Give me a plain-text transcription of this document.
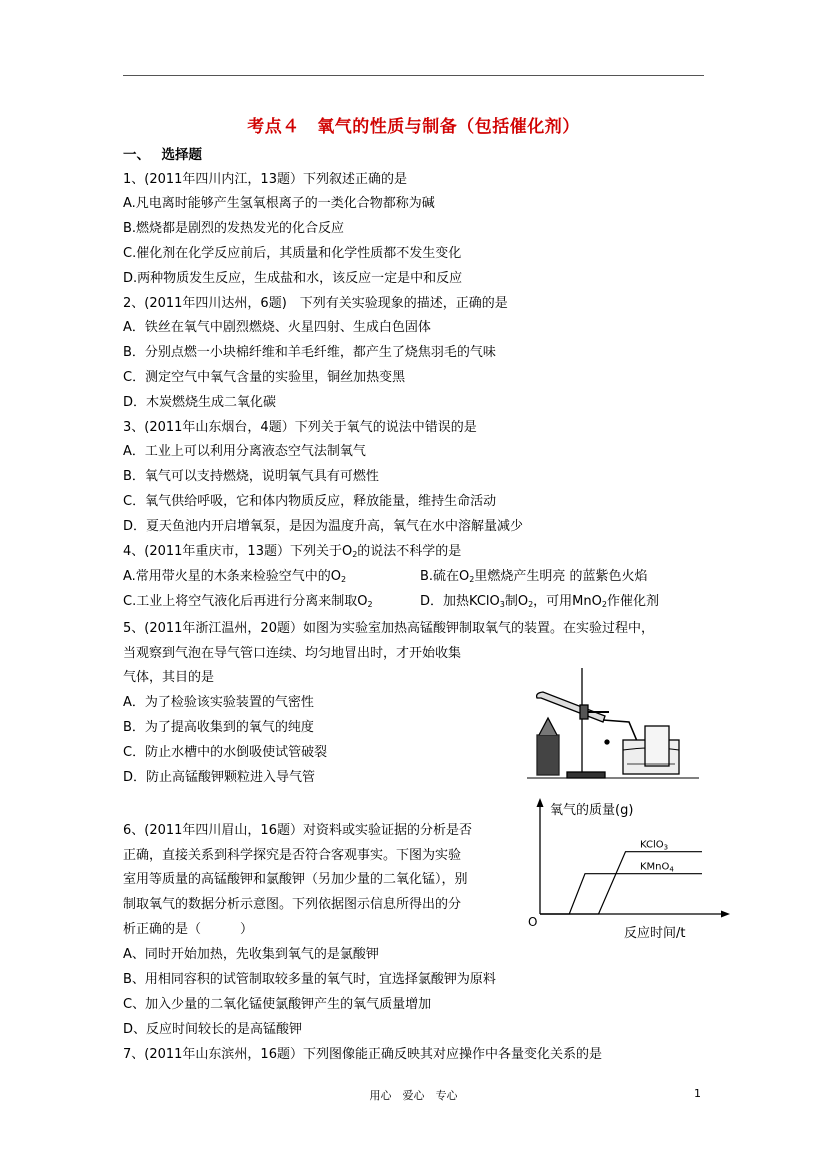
考点４　氧气的性质与制备（包括催化剂）
一、　 选择题
1、(2011年四川内江，13题）下列叙述正确的是
A.凡电离时能够产生氢氧根离子的一类化合物都称为碱
B.燃烧都是剧烈的发热发光的化合反应
C.催化剂在化学反应前后，其质量和化学性质都不发生变化
D.两种物质发生反应，生成盐和水，该反应一定是中和反应
2、(2011年四川达州，6题)　下列有关实验现象的描述，正确的是
A．铁丝在氧气中剧烈燃烧、火星四射、生成白色固体
B．分别点燃一小块棉纤维和羊毛纤维，都产生了烧焦羽毛的气味
C．测定空气中氧气含量的实验里，铜丝加热变黑
D．木炭燃烧生成二氧化碳
3、(2011年山东烟台，4题）下列关于氧气的说法中错误的是
A．工业上可以利用分离液态空气法制氧气
B．氧气可以支持燃烧，说明氧气具有可燃性
C．氧气供给呼吸，它和体内物质反应，释放能量，维持生命活动
D．夏天鱼池内开启增氧泵，是因为温度升高，氧气在水中溶解量减少
4、(2011年重庆市，13题）下列关于$O_2$的说法不科学的是
A.常用带火星的木条来检验空气中的$O_2$	B.硫在$O_2$里燃烧产生明亮 的蓝紫色火焰
C.工业上将空气液化后再进行分离来制取$O_2$	D．加热KClO$_3$制$O_2$，可用MnO$_2$作催化剂
5、(2011年浙江温州，20题）如图为实验室加热高锰酸钾制取氧气的装置。在实验过程中，
当观察到气泡在导气管口连续、均匀地冒出时，才开始收集
气体，其目的是
A．为了检验该实验装置的气密性
B．为了提高收集到的氧气的纯度
C．防止水槽中的水倒吸使试管破裂
D．防止高锰酸钾颗粒进入导气管
6、(2011年四川眉山，16题）对资料或实验证据的分析是否
正确，直接关系到科学探究是否符合客观事实。下图为实验
室用等质量的高锰酸钾和氯酸钾（另加少量的二氧化锰），别
制取氧气的数据分析示意图。下列依据图示信息所得出的分
析正确的是（　　　）
A、同时开始加热，先收集到氧气的是氯酸钾
B、用相同容积的试管制取较多量的氧气时，宜选择氯酸钾为原料
C、加入少量的二氧化锰使氯酸钾产生的氧气质量增加
D、反应时间较长的是高锰酸钾
氧气的质量(g)
反应时间/t
O
KClO$_3$
KMnO$_4$
7、(2011年山东滨州，16题）下列图像能正确反映其对应操作中各量变化关系的是
用心　爱心　专心	1
